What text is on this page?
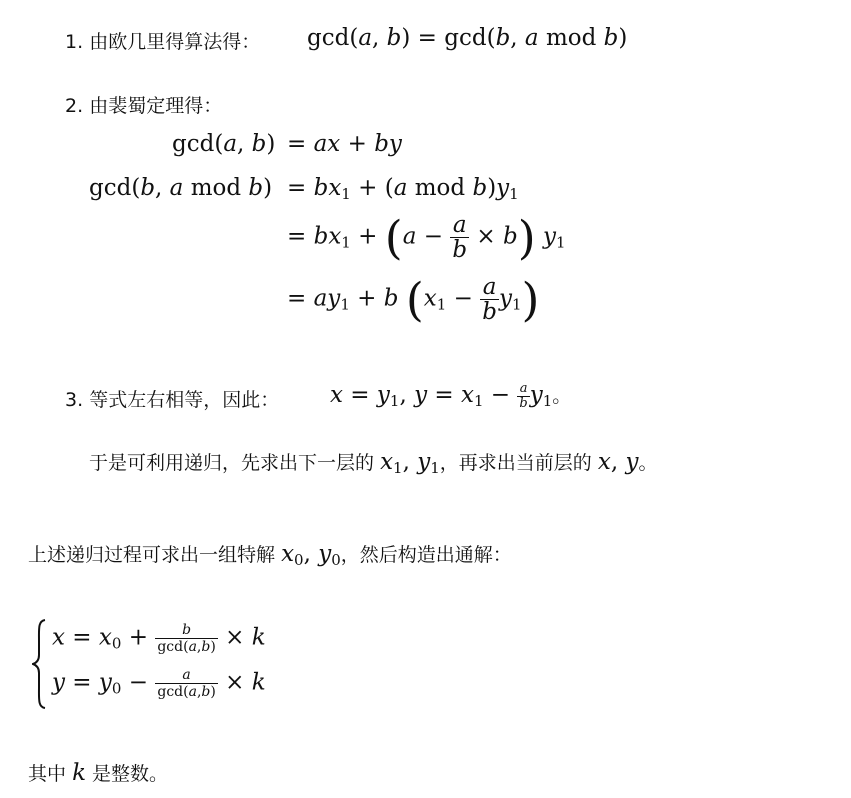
1. 由欧几里得算法得： gcd(a, b) = gcd(b, a mod b)
2. 由裴蜀定理得：
gcd(a, b) = ax + by
gcd(b, a mod $b) = bx_1 + (a$ mod $b)y_1$
= $bx_1 + (a - \frac{a}{b} \times b)$ $y_1$
= $ay_1 + b$ $(x_1 - \frac{a}{b} y_1)$
3. 等式左右相等，因此： $x = y_1$, $y = x_1 - \frac{a}{b} y_1$。
于是可利用递归，先求出下一层的 $x_1$, $y_1$，再求出当前层的 x, y。
上述递归过程可求出一组特解 $x_0$, $y_0$，然后构造出通解：
$x = x_0 + \frac{b}{\gcd(a,b)} \times k$
$y = y_0 - \frac{a}{\gcd(a,b)} \times k$
其中 k 是整数。
